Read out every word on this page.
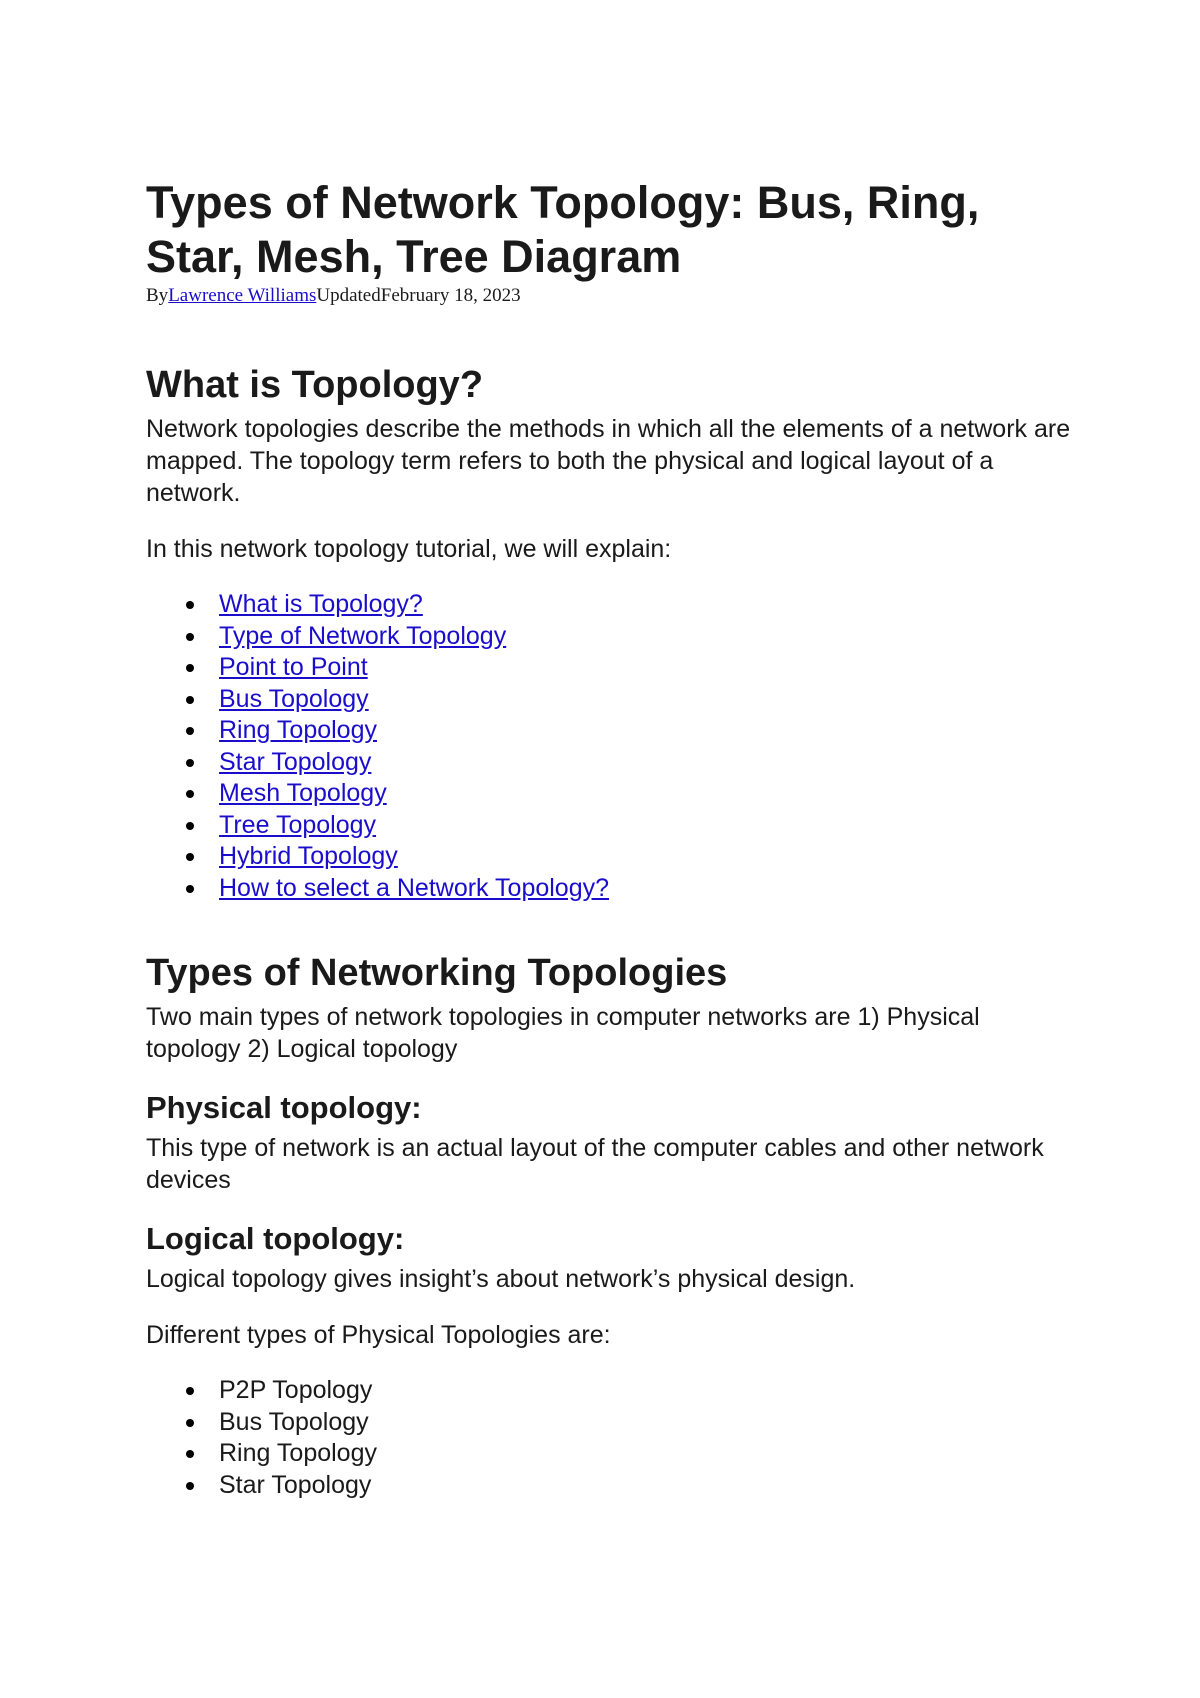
Types of Network Topology: Bus, Ring, Star, Mesh, Tree Diagram
ByLawrence WilliamsUpdatedFebruary 18, 2023
What is Topology?

Network topologies describe the methods in which all the elements of a network are mapped. The topology term refers to both the physical and logical layout of a network.

In this network topology tutorial, we will explain:

What is Topology?
Type of Network Topology
Point to Point
Bus Topology
Ring Topology
Star Topology
Mesh Topology
Tree Topology
Hybrid Topology
How to select a Network Topology?
Types of Networking Topologies

Two main types of network topologies in computer networks are 1) Physical topology 2) Logical topology

Physical topology:

This type of network is an actual layout of the computer cables and other network devices

Logical topology:

Logical topology gives insight’s about network’s physical design.

Different types of Physical Topologies are:

P2P Topology
Bus Topology
Ring Topology
Star Topology
